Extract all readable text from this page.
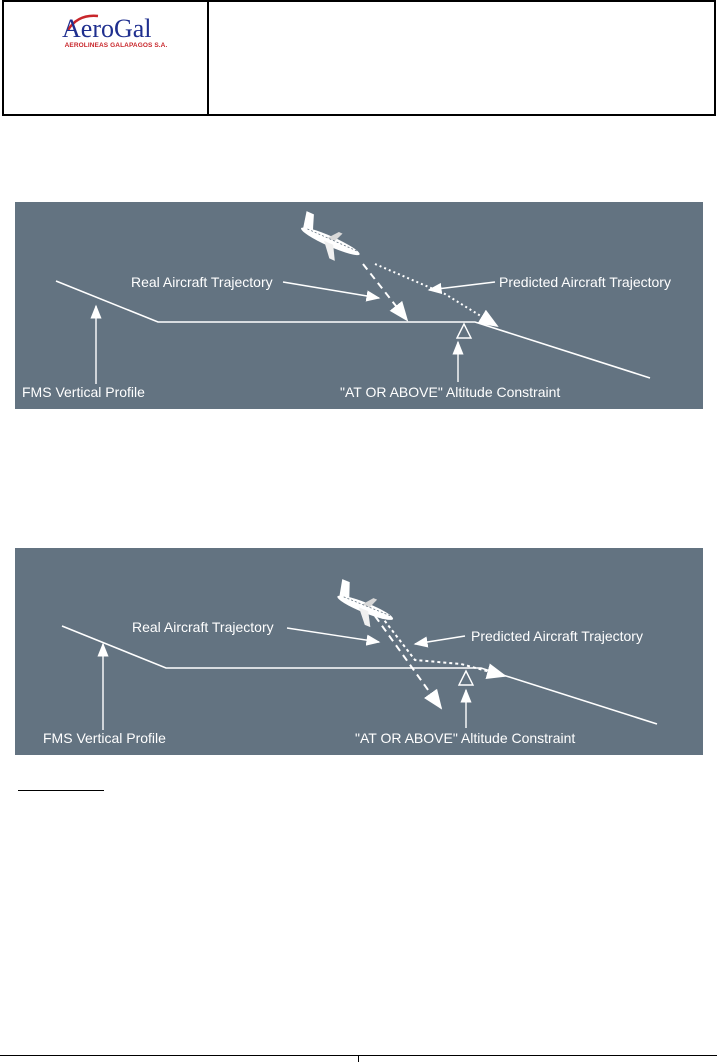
AeroGal
AEROLINEAS GALAPAGOS S.A.
Real Aircraft Trajectory	Predicted Aircraft Trajectory
FMS Vertical Profile	"AT OR ABOVE" Altitude Constraint
Real Aircraft Trajectory
Predicted Aircraft Trajectory
FMS Vertical Profile	"AT OR ABOVE" Altitude Constraint
